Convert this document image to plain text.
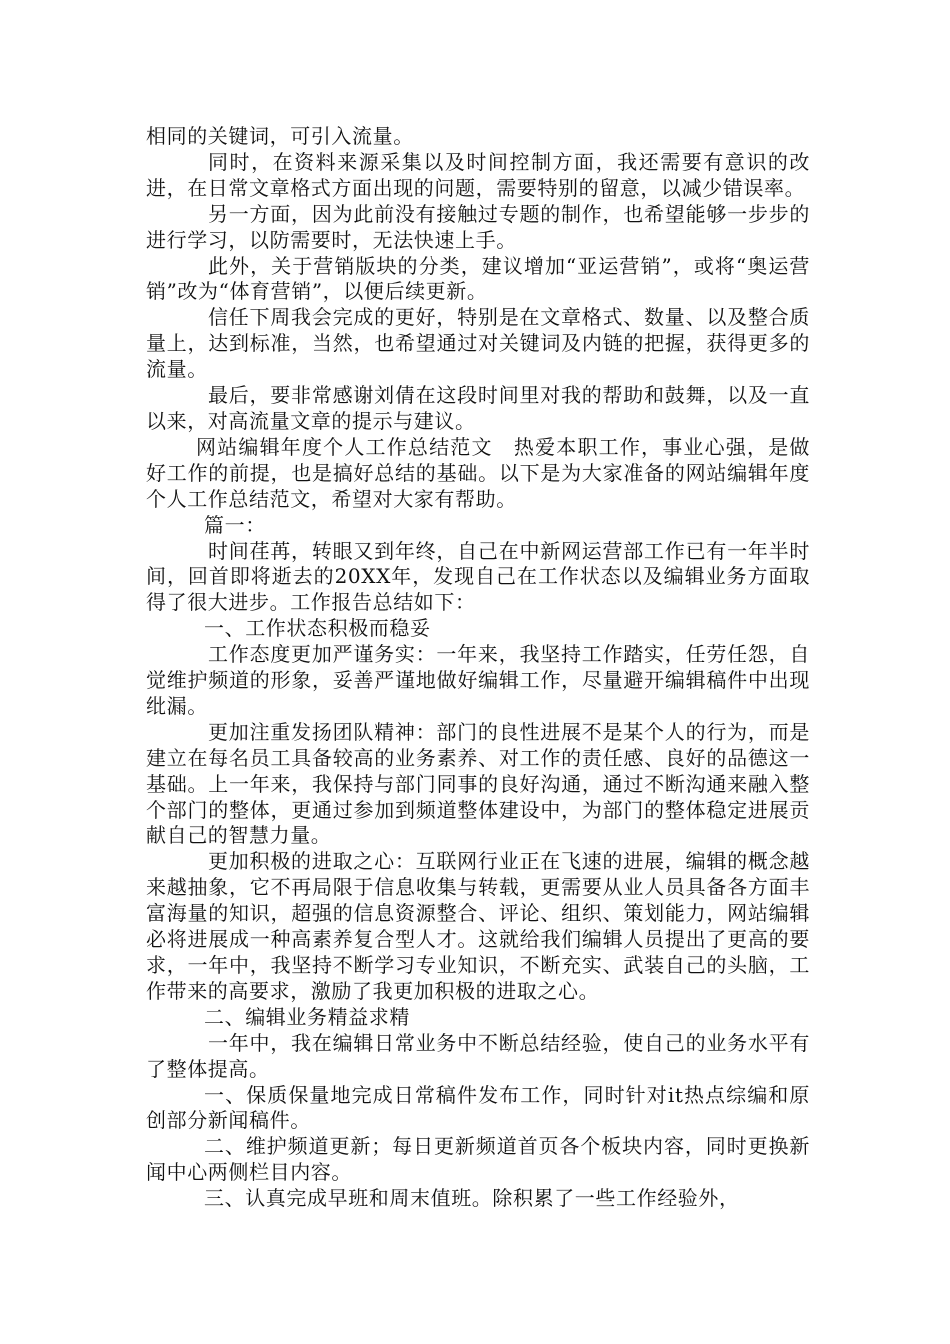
相同的关键词，可引入流量。

同时，在资料来源采集以及时间控制方面，我还需要有意识的改进，在日常文章格式方面出现的问题，需要特别的留意，以减少错误率。

另一方面，因为此前没有接触过专题的制作，也希望能够一步步的进行学习，以防需要时，无法快速上手。

此外，关于营销版块的分类，建议增加“亚运营销”，或将“奥运营销”改为“体育营销”，以便后续更新。

信任下周我会完成的更好，特别是在文章格式、数量、以及整合质量上，达到标准，当然，也希望通过对关键词及内链的把握，获得更多的流量。

最后，要非常感谢刘倩在这段时间里对我的帮助和鼓舞，以及一直以来，对高流量文章的提示与建议。

网站编辑年度个人工作总结范文　热爱本职工作，事业心强，是做好工作的前提，也是搞好总结的基础。以下是为大家准备的网站编辑年度个人工作总结范文，希望对大家有帮助。

篇一：

时间荏苒，转眼又到年终，自己在中新网运营部工作已有一年半时间，回首即将逝去的20XX年，发现自己在工作状态以及编辑业务方面取得了很大进步。工作报告总结如下：

一、工作状态积极而稳妥

工作态度更加严谨务实：一年来，我坚持工作踏实，任劳任怨，自觉维护频道的形象，妥善严谨地做好编辑工作，尽量避开编辑稿件中出现纰漏。

更加注重发扬团队精神：部门的良性进展不是某个人的行为，而是建立在每名员工具备较高的业务素养、对工作的责任感、良好的品德这一基础。上一年来，我保持与部门同事的良好沟通，通过不断沟通来融入整个部门的整体，更通过参加到频道整体建设中，为部门的整体稳定进展贡献自己的智慧力量。

更加积极的进取之心：互联网行业正在飞速的进展，编辑的概念越来越抽象，它不再局限于信息收集与转载，更需要从业人员具备各方面丰富海量的知识，超强的信息资源整合、评论、组织、策划能力，网站编辑必将进展成一种高素养复合型人才。这就给我们编辑人员提出了更高的要求，一年中，我坚持不断学习专业知识，不断充实、武装自己的头脑，工作带来的高要求，激励了我更加积极的进取之心。

二、编辑业务精益求精

一年中，我在编辑日常业务中不断总结经验，使自己的业务水平有了整体提高。

一、保质保量地完成日常稿件发布工作，同时针对it热点综编和原创部分新闻稿件。

二、维护频道更新；每日更新频道首页各个板块内容，同时更换新闻中心两侧栏目内容。

三、认真完成早班和周末值班。除积累了一些工作经验外，
